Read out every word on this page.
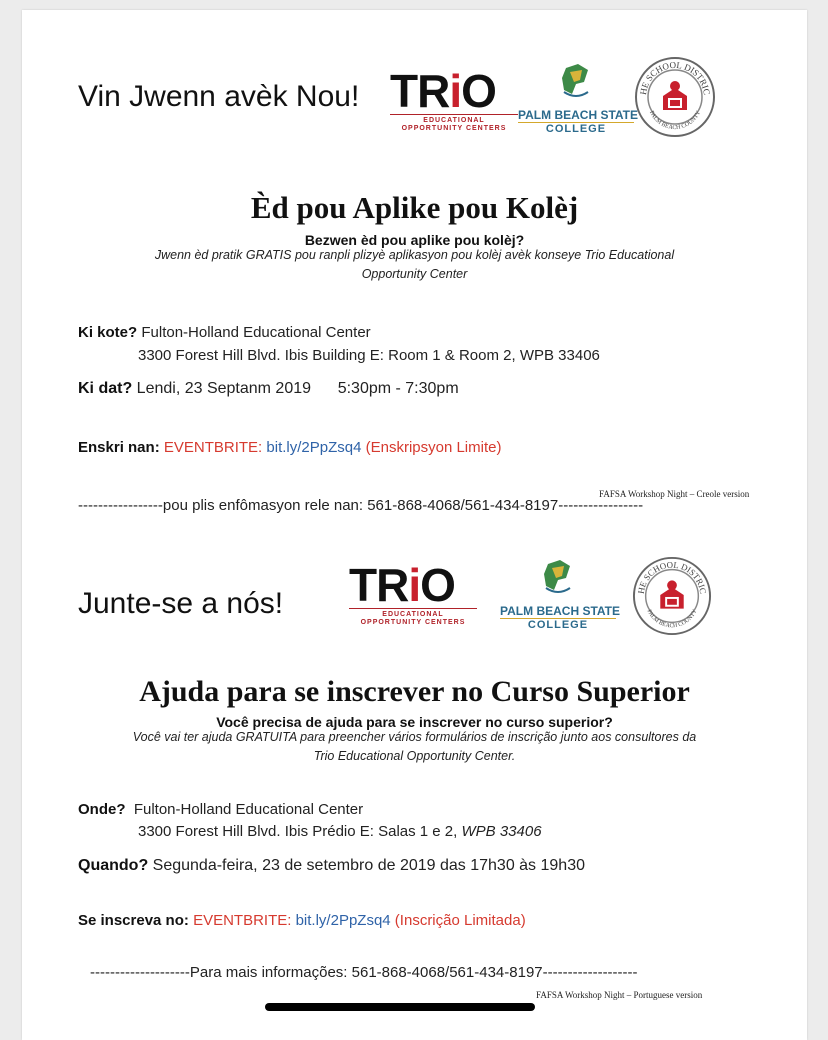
Vin Jwenn avèk Nou! TRiO
EDUCATIONAL
OPPORTUNITY CENTERS
PALM BEACH STATE
COLLEGE
HE SCHOOL DISTRIC
PALM BEACH COUNTY
Èd pou Aplike pou Kolèj
Bezwen èd pou aplike pou kolèj?
Jwenn èd pratik GRATIS pou ranpli plizyè aplikasyon pou kolèj avèk konseye Trio Educational
Opportunity Center
Ki kote? Fulton-Holland Educational Center
3300 Forest Hill Blvd. Ibis Building E: Room 1 & Room 2, WPB 33406
Ki dat? Lendi, 23 Septanm 2019      5:30pm - 7:30pm
Enskri nan: EVENTBRITE: bit.ly/2PpZsq4 (Enskripsyon Limite)
FAFSA Workshop Night – Creole version
-----------------pou plis enfômasyon rele nan: 561-868-4068/561-434-8197-----------------
Junte-se a nós! TRiO
EDUCATIONAL
OPPORTUNITY CENTERS
PALM BEACH STATE
COLLEGE
HE SCHOOL DISTRIC
PALM BEACH COUNTY
Ajuda para se inscrever no Curso Superior
Você precisa de ajuda para se inscrever no curso superior?
Você vai ter ajuda GRATUITA para preencher vários formulários de inscrição junto aos consultores da
Trio Educational Opportunity Center.
Onde?  Fulton-Holland Educational Center
3300 Forest Hill Blvd. Ibis Prédio E: Salas 1 e 2, WPB 33406
Quando? Segunda-feira, 23 de setembro de 2019 das 17h30 às 19h30
Se inscreva no: EVENTBRITE: bit.ly/2PpZsq4 (Inscrição Limitada)
--------------------Para mais informações: 561-868-4068/561-434-8197-------------------
FAFSA Workshop Night – Portuguese version
